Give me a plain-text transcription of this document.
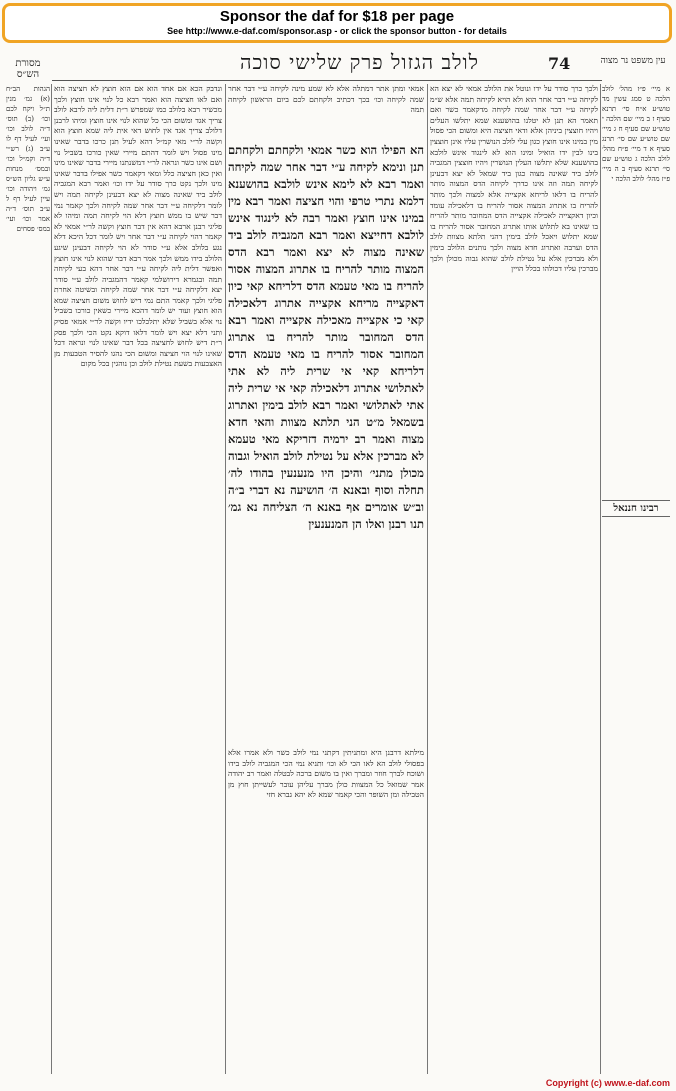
Sponsor the daf for $18 per page
See http://www.e-daf.com/sponsor.asp - or click the sponsor button - for details
מסורת הש״ס
לולב הגזול פרק שלישי סוכה	74	עין משפט נר מצוה

הגהות הב״ח (א) גמ׳ מנין ת״ל ויקח לכם וכו׳ (ב) תוס׳ ד״ה לולב וכו׳ ועי׳ לעיל דף לו ע״ב (ג) רש״י ד״ה וקמ״ל וכו׳ ובמס׳ מנחות ע״ש גליון הש״ס גמ׳ ויהודה וכו׳ עיין לעיל דף ל ע״ב תוס׳ ד״ה אמר וכו׳ ועי׳ במס׳ פסחים

ונדבק הכא אם אחד הוא אם הוא חוצץ לא חציצה הוא ואם לאו חציצה הוא ואמר רבא כל לנוי אינו חוצץ ולכך מכשיר רבא בלולב כמו שמפרש ר״ת דלית ליה לרבא לולב צריך אגד ומשום הכי כל שהוא לנוי אינו חוצץ ומיהו לרבנן דלולב צריך אגד אין לחוש דאי אית ליה שמא חוצץ הוא וקשה לר״י מאי קמ״ל דהא לעיל תנן כרכו בדבר שאינו מינו פסול ויש לומר דהתם מיירי שאין כורכו בשביל נוי ושם אינו כשר ונראה לר״י דמשנתנו מיירי בדבר שאינו מינו ואין כאן חציצה כלל ומאי דקאמר כשר אפילו בדבר שאינו מינו ולכך נקט כרך סודר על ידו וכו׳ ואמר רבא המגביה לולב ביד שאינה מצוה לא יצא דבעינן לקיחה תמה ויש לומר דלקיחה ע״י דבר אחר שמה לקיחה ולכך קאמר נמי דבר שיש בו ממש חוצץ דלא הוי לקיחה תמה ומיהו לא פליגי רבנן ארבא דהא אין דבר חוצץ וקשה לר״י אמאי לא קאמר דהוי לקיחה ע״י דבר אחר ויש לומר דכל היכא דלא נגע בלולב אלא ע״י סודר לא הוי לקיחה דבעינן שיגע הלולב בידו ממש ולכך אמר רבא דבר שהוא לנוי אינו חוצץ ואפשר דלית ליה לקיחה ע״י דבר אחר דהא בעי לקיחה תמה ובגמרא דירושלמי קאמר דהמגביה לולב ע״י סודר יצא דלקיחה ע״י דבר אחר שמה לקיחה ובשיטה אחרת פליגי ולכך קאמר התם נמי דיש לחוש משום חציצה שמא הוא חוצץ ועוד יש לומר דהכא מיירי כשאין כורכו בשביל נוי אלא בשביל שלא יתלכלכו ידיו וקשה לר״י אמאי פסיק ותני דלא יצא ויש לומר דלאו דוקא נקט הכי ולכך פסק ר״ת דיש לחוש לחציצה בכל דבר שאינו לנוי ונראה דכל שאינו לנוי הוי חציצה ומשום הכי נהגו להסיר הטבעות מן האצבעות בשעת נטילת לולב וכן נוהגין בכל מקום

אמאי ומתן אתר דמתלה אלא לא שמע מינה לקיחה ע״י דבר אחר שמה לקיחה וכו׳ בכך דכתיב ולקחתם לכם ביום הראשון לקיחה תמה

הא הפילו הוא כשר אמאי ולקחתם ולקחתם תנן ונימא לקיחה ע״י דבר אחר שמה לקיחה ואמר רבא לא לימא אינש לולבא בהושענא דלמא נתרי טרפי והוי חציצה ואמר רבא מין במינו אינו חוצץ ואמר רבה לא לינגוד אינש לולבא דחייצא ואמר רבא המגביה לולב ביד שאינה מצוה לא יצא ואמר רבא הדס המצוה מותר להריח בו אתרוג המצוה אסור להריח בו מאי טעמא הדס דלריחא קאי כיון דאקצייה מריחא אקצייה אתרוג דלאכילה קאי כי אקצייה מאכילה אקצייה ואמר רבא הדס המחובר מותר להריח בו אתרוג המחובר אסור להריח בו מאי טעמא הדס דלריחא קאי אי שרית ליה לא אתי לאתלושי אתרוג דלאכילה קאי אי שרית ליה אתי לאתלושי ואמר רבא לולב בימין ואתרוג בשמאל מ״ט הני תלתא מצוות והאי חדא מצוה ואמר רב ירמיה דזריקא מאי טעמא לא מברכין אלא על נטילת לולב הואיל וגבוה מכולן מתני׳ והיכן היו מנענעין בהודו לה׳ תחלה וסוף ובאנא ה׳ הושיעה נא דברי ב״ה וב״ש אומרים אף באנא ה׳ הצליחה נא גמ׳ תנו רבנן ואלו הן המנענעין

מילתא דרבנן היא ומתניתין דקתני נמי לולב כשר ולא אמרו אלא בפסולי לולב הא לאו הכי לא וכו׳ ותניא נמי הכי המגביה לולב בידו ושוכח לברך חוזר ומברך ואין בו משום ברכה לבטלה ואמר רב יהודה אמר שמואל כל המצוות כולן מברך עליהן עובר לעשייתן חוץ מן הטבילה ומן השופר והכי קאמר שמא לא יהא גברא חזי

ולכך כרך סודר על ידו ונוטל את הלולב אמאי לא יצא הא לקיחה ע״י דבר אחר הוא ולא הויא לקיחה תמה אלא ש״מ לקיחה ע״י דבר אחר שמה לקיחה מדקאמר כשר ואם תאמר הא תנן לא יטלנו בהושענא שמא יתלשו העלים ויהיו חוצצין ביניהן אלא ודאי חציצה היא ומשום הכי פסול מין במינו אינו חוצץ כגון עלי לולב הנושרין עליו אינן חוצצין בינו לבין ידו הואיל ומינו הוא לא לינגוד אינש לולבא בהושענא שלא יתלשו העלין הנושרין ויהיו חוצצין המגביה לולב ביד שאינה מצוה כגון ביד שמאל לא יצא דבעינן לקיחה תמה וזה אינו כדרך לקיחה הדס המצוה מותר להריח בו דלאו לריחא אקצייה אלא למצוה ולכך מותר להריח בו אתרוג המצוה אסור להריח בו דלאכילה עומד וכיון דאקצייה לאכילה אקצייה הדס המחובר מותר להריח בו שאינו בא לתלוש אותו אתרוג המחובר אסור להריח בו שמא יתלוש ויאכל לולב בימין דהני תלתא מצוות לולב הדס וערבה ואתרוג חדא מצוה ולכך נותנים הלולב בימין ולא מברכין אלא על נטילת לולב שהוא גבוה מכולן ולכך מברכין עליו דכולהו בכלל הויין

א מיי׳ פ״ז מהל׳ לולב הלכה ט סמג עשין מד טוש״ע א״ח סי׳ תרנא סעיף ז ב מיי׳ שם הלכה י טוש״ע שם סעיף ח ג מיי׳ שם טוש״ע שם סי׳ תרנג סעיף א ד מיי׳ פ״ח מהל׳ לולב הלכה ג טוש״ע שם סי׳ תרנא סעיף ב ה מיי׳ פ״ז מהל׳ לולב הלכה י

רבינו חננאל
Copyright (c) www.e-daf.com
